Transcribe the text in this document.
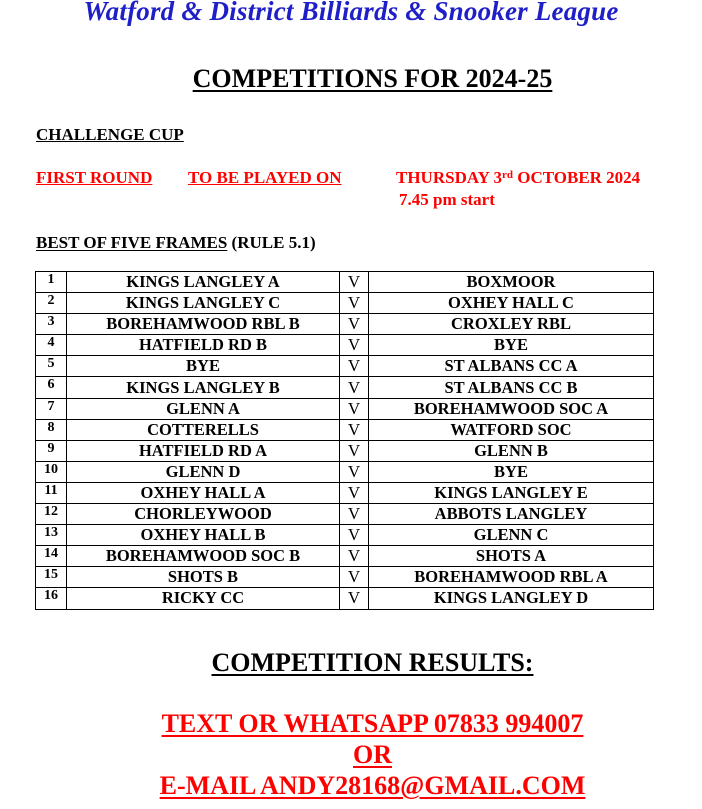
Watford & District Billiards & Snooker League
COMPETITIONS FOR 2024-25
CHALLENGE CUP
FIRST ROUND TO BE PLAYED ON	THURSDAY 3rd OCTOBER 2024
7.45 pm start
BEST OF FIVE FRAMES (RULE 5.1)
1	KINGS LANGLEY A	V	BOXMOOR
2	KINGS LANGLEY C	V	OXHEY HALL C
3	BOREHAMWOOD RBL B	V	CROXLEY RBL
4	HATFIELD RD B	V	BYE
5	BYE	V	ST ALBANS CC A
6	KINGS LANGLEY B	V	ST ALBANS CC B
7	GLENN A	V	BOREHAMWOOD SOC A
8	COTTERELLS	V	WATFORD SOC
9	HATFIELD RD A	V	GLENN B
10	GLENN D	V	BYE
11	OXHEY HALL A	V	KINGS LANGLEY E
12	CHORLEYWOOD	V	ABBOTS LANGLEY
13	OXHEY HALL B	V	GLENN C
14	BOREHAMWOOD SOC B	V	SHOTS A
15	SHOTS B	V	BOREHAMWOOD RBL A
16	RICKY CC	V	KINGS LANGLEY D
COMPETITION RESULTS:
TEXT OR WHATSAPP 07833 994007
OR
E-MAIL ANDY28168@GMAIL.COM
